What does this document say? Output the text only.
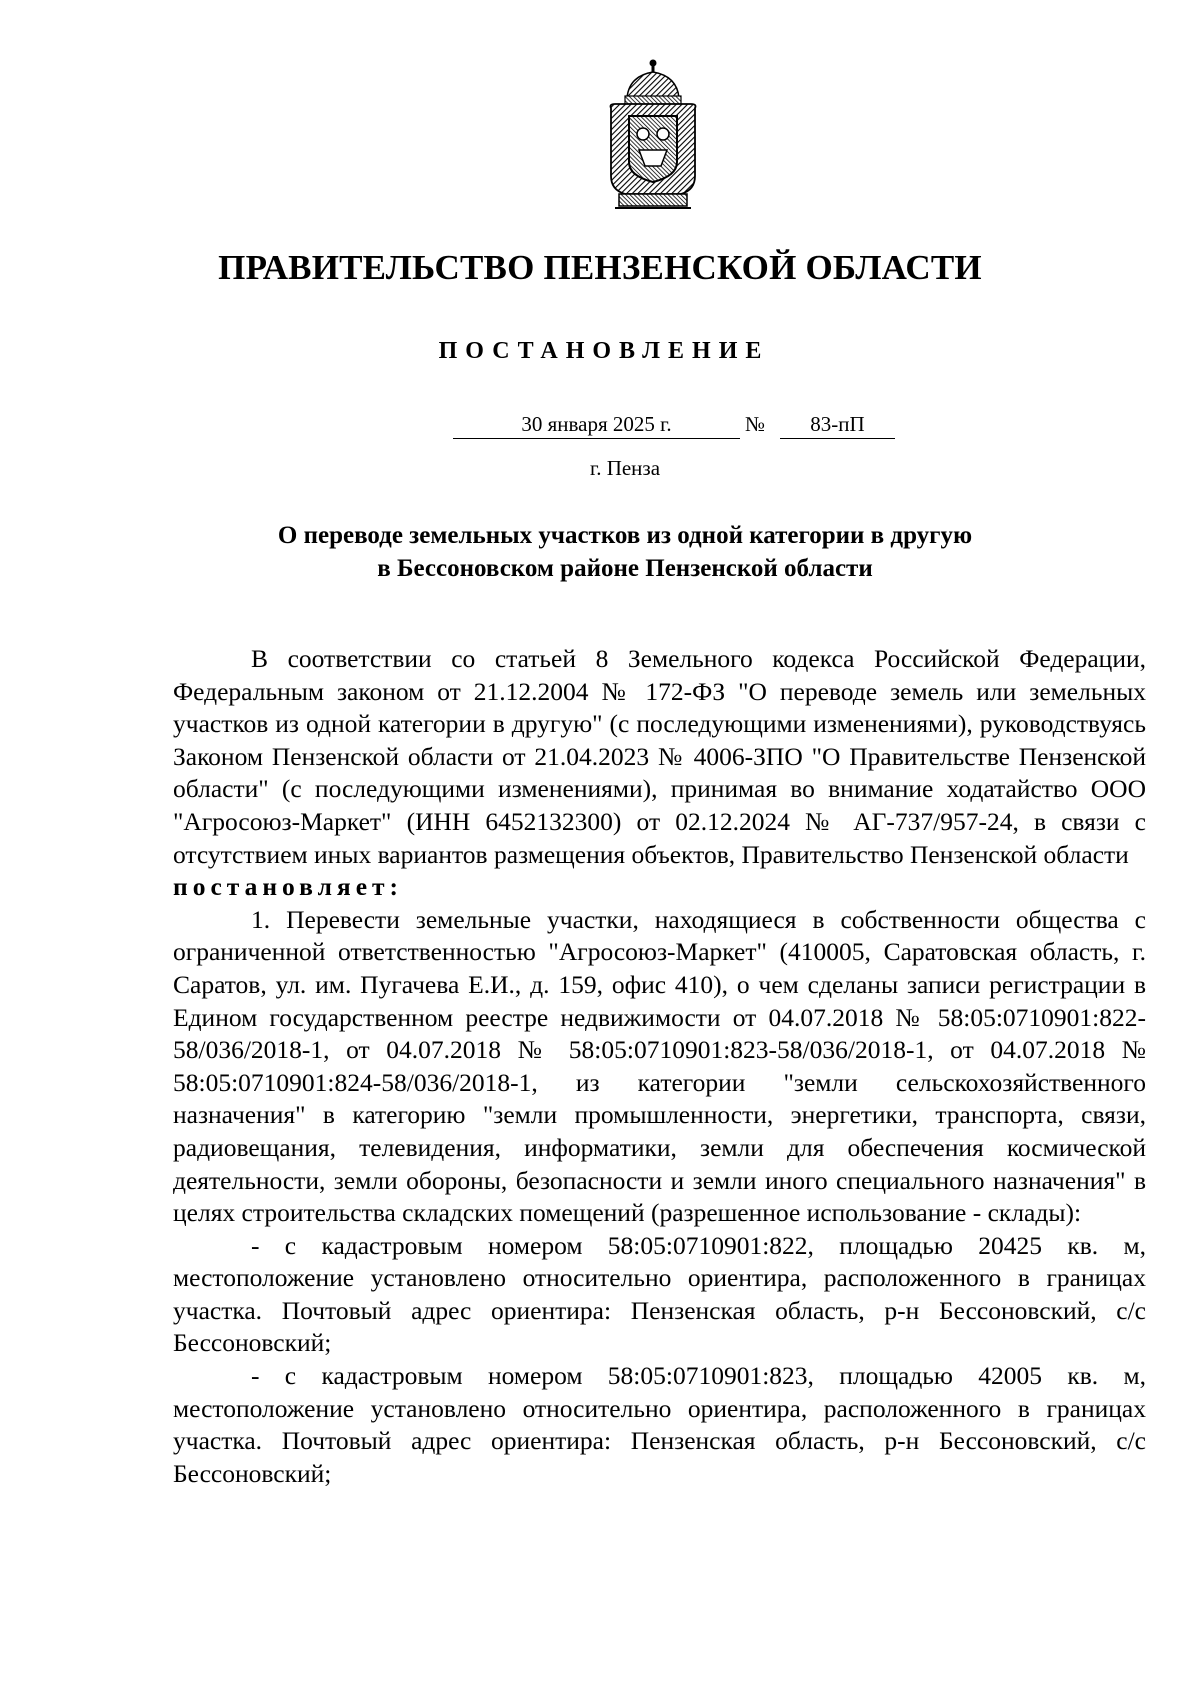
ПРАВИТЕЛЬСТВО ПЕНЗЕНСКОЙ ОБЛАСТИ
ПОСТАНОВЛЕНИЕ
30 января 2025 г.	№	83-пП
г. Пенза
О переводе земельных участков из одной категории в другую
в Бессоновском районе Пензенской области

В соответствии со статьей 8 Земельного кодекса Российской Федерации, Федеральным законом от 21.12.2004 № 172-ФЗ "О переводе земель или земельных участков из одной категории в другую" (с последующими изменениями), руководствуясь Законом Пензенской области от 21.04.2023 № 4006-ЗПО "О Правительстве Пензенской области" (с последующими изменениями), принимая во внимание ходатайство ООО "Агросоюз-Маркет" (ИНН 6452132300) от 02.12.2024 № АГ-737/957-24, в связи с отсутствием иных вариантов размещения объектов, Правительство Пензенской области

постановляет:

1. Перевести земельные участки, находящиеся в собственности общества с ограниченной ответственностью "Агросоюз-Маркет" (410005, Саратовская область, г. Саратов, ул. им. Пугачева Е.И., д. 159, офис 410), о чем сделаны записи регистрации в Едином государственном реестре недвижимости от 04.07.2018 № 58:05:0710901:822-58/036/2018-1, от 04.07.2018 № 58:05:0710901:823-58/036/2018-1, от 04.07.2018 № 58:05:0710901:824-58/036/2018-1, из категории "земли сельскохозяйственного назначения" в категорию "земли промышленности, энергетики, транспорта, связи, радиовещания, телевидения, информатики, земли для обеспечения космической деятельности, земли обороны, безопасности и земли иного специального назначения" в целях строительства складских помещений (разрешенное использование - склады):

- с кадастровым номером 58:05:0710901:822, площадью 20425 кв. м, местоположение установлено относительно ориентира, расположенного в границах участка. Почтовый адрес ориентира: Пензенская область, р-н Бессоновский, с/с Бессоновский;

- с кадастровым номером 58:05:0710901:823, площадью 42005 кв. м, местоположение установлено относительно ориентира, расположенного в границах участка. Почтовый адрес ориентира: Пензенская область, р-н Бессоновский, с/с Бессоновский;
